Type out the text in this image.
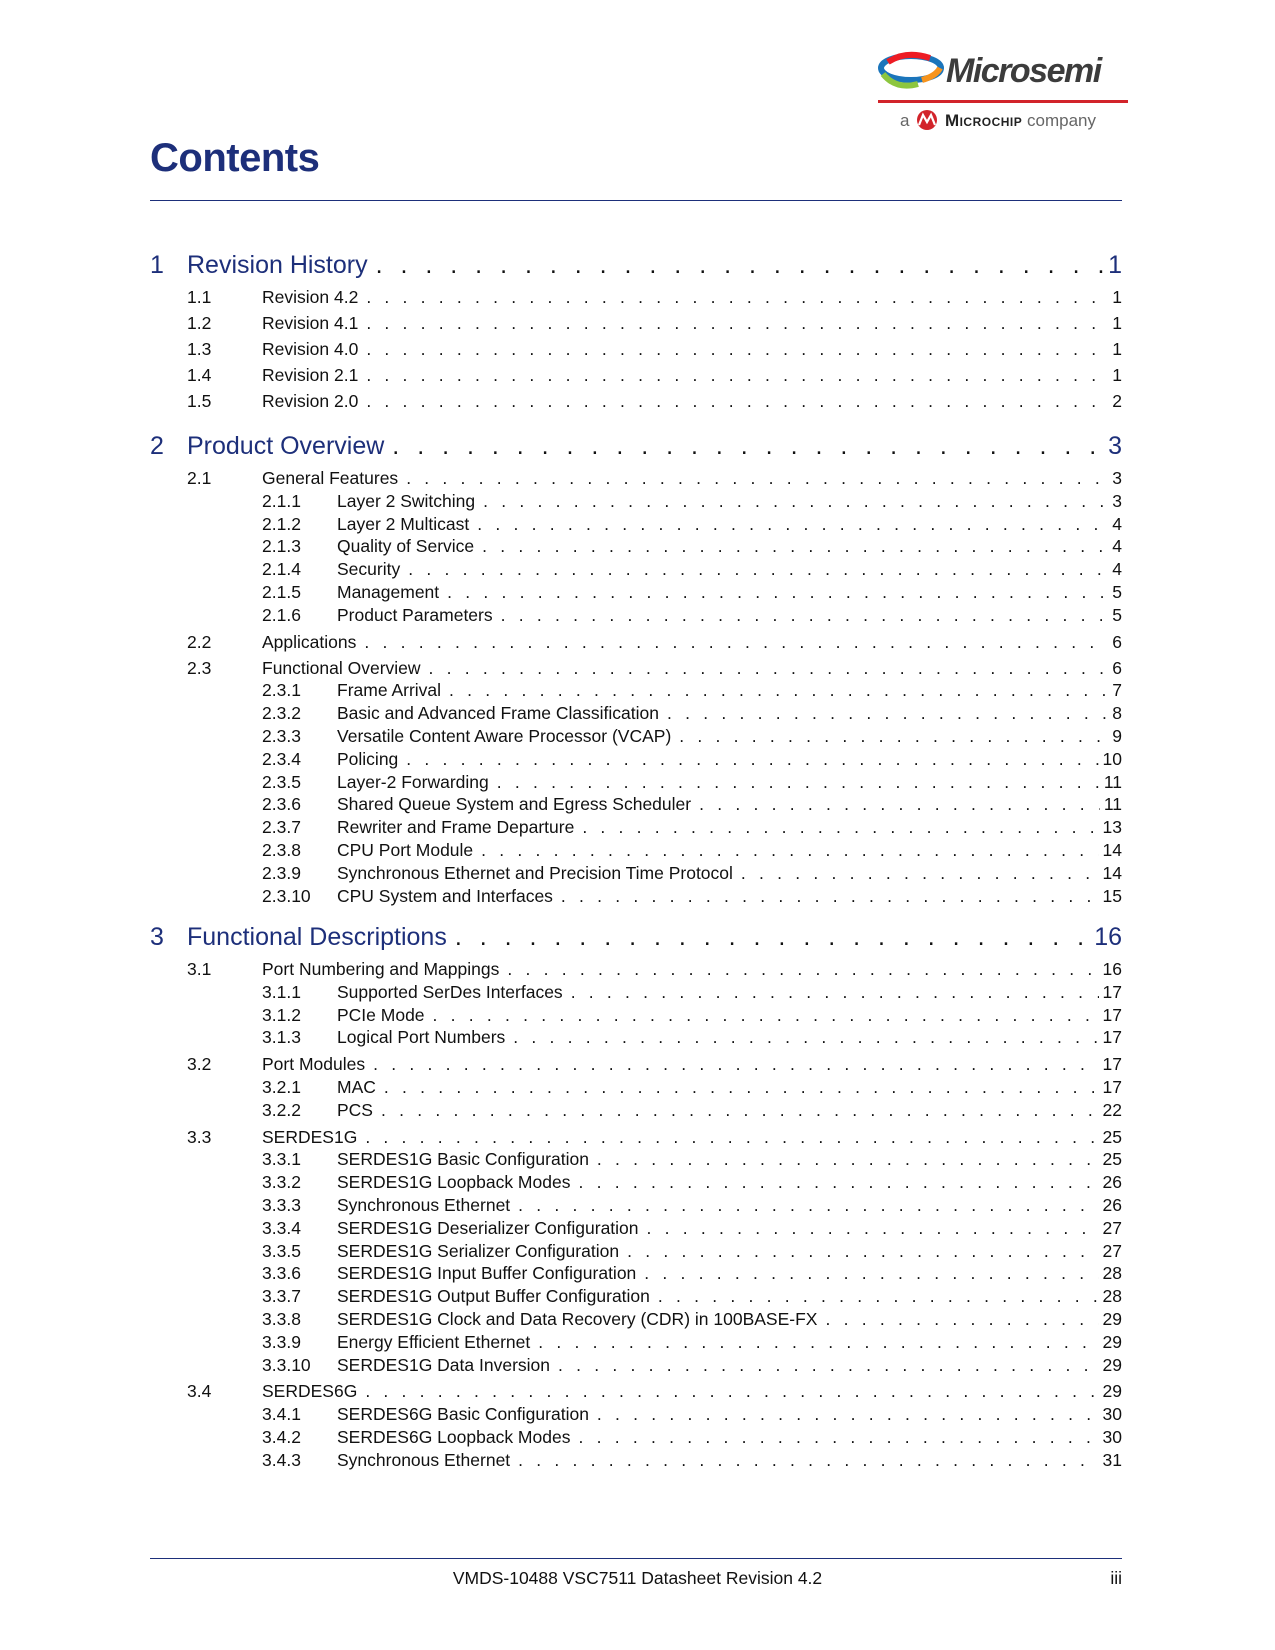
Microsemi
a Microchip company
Contents
1 Revision History . . .	1
1.1	Revision 4.2 . . .	1
1.2	Revision 4.1 . . .	1
1.3	Revision 4.0 . . .	1
1.4	Revision 2.1 . . .	1
1.5	Revision 2.0 . . .	2
2 Product Overview . . .	3
2.1	General Features . . .	3
2.1.1	Layer 2 Switching . . .	3
2.1.2	Layer 2 Multicast . . .	4
2.1.3	Quality of Service . . .	4
2.1.4	Security . . .	4
2.1.5	Management . . .	5
2.1.6	Product Parameters . . .	5
2.2	Applications . . .	6
2.3	Functional Overview . . .	6
2.3.1	Frame Arrival . . .	7
2.3.2	Basic and Advanced Frame Classification . . .	8
2.3.3	Versatile Content Aware Processor (VCAP) . . .	9
2.3.4	Policing . . .	10
2.3.5	Layer-2 Forwarding . . .	11
2.3.6	Shared Queue System and Egress Scheduler . . .	11
2.3.7	Rewriter and Frame Departure . . .	13
2.3.8	CPU Port Module . . .	14
2.3.9	Synchronous Ethernet and Precision Time Protocol . . .	14
2.3.10	CPU System and Interfaces . . .	15
3 Functional Descriptions . . .	16
3.1	Port Numbering and Mappings . . .	16
3.1.1	Supported SerDes Interfaces . . .	17
3.1.2	PCIe Mode . . .	17
3.1.3	Logical Port Numbers . . .	17
3.2	Port Modules . . .	17
3.2.1	MAC . . .	17
3.2.2	PCS . . .	22
3.3	SERDES1G . . .	25
3.3.1	SERDES1G Basic Configuration . . .	25
3.3.2	SERDES1G Loopback Modes . . .	26
3.3.3	Synchronous Ethernet . . .	26
3.3.4	SERDES1G Deserializer Configuration . . .	27
3.3.5	SERDES1G Serializer Configuration . . .	27
3.3.6	SERDES1G Input Buffer Configuration . . .	28
3.3.7	SERDES1G Output Buffer Configuration . . .	28
3.3.8	SERDES1G Clock and Data Recovery (CDR) in 100BASE-FX . . .	29
3.3.9	Energy Efficient Ethernet . . .	29
3.3.10	SERDES1G Data Inversion . . .	29
3.4	SERDES6G . . .	29
3.4.1	SERDES6G Basic Configuration . . .	30
3.4.2	SERDES6G Loopback Modes . . .	30
3.4.3	Synchronous Ethernet . . .	31
VMDS-10488 VSC7511 Datasheet Revision 4.2	iii
